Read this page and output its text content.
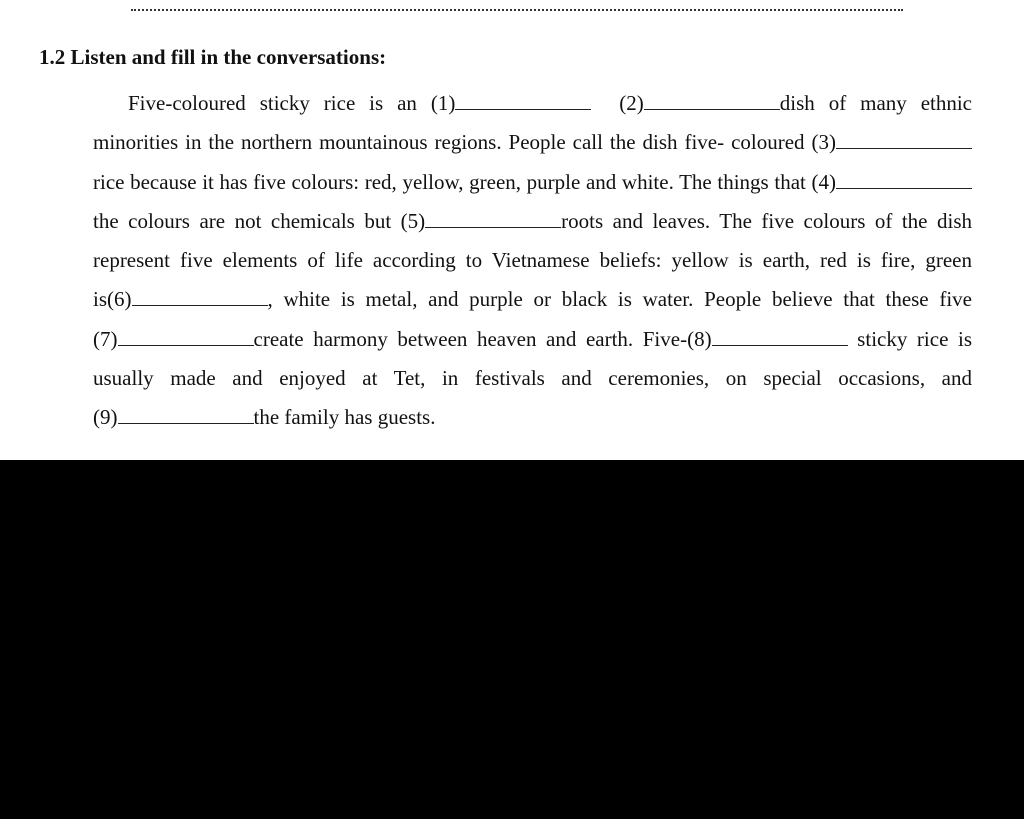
1.2 Listen and fill in the conversations:

Five-coloured sticky rice is an (1)	(2)	dish of many ethnic minorities in the northern mountainous regions. People call the dish five- coloured (3)rice because it has five colours: red, yellow, green, purple and white. The things that (4)the colours are not chemicals but (5)	roots and leaves. The five colours of the dish represent five elements of life according to Vietnamese beliefs: yellow is earth, red is fire, green is(6)	, white is metal, and purple or black is water. People believe that these five (7)	create harmony between heaven and earth. Five-(8)	sticky rice is usually made and enjoyed at Tet, in festivals and ceremonies, on special occasions, and (9)	the family has guests.
